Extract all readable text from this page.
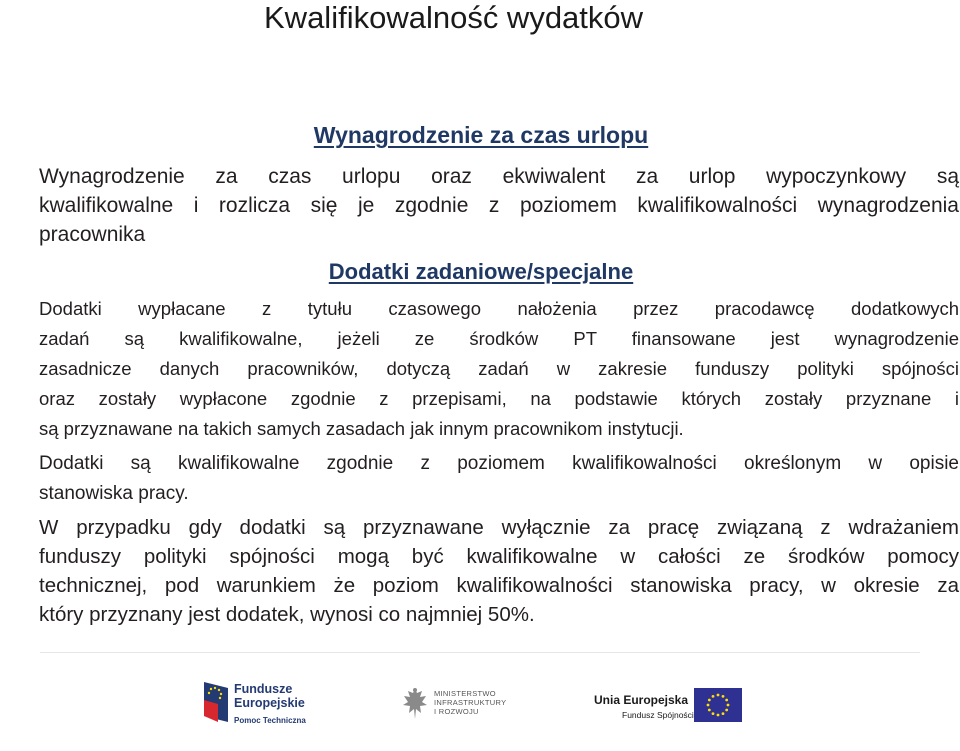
Kwalifikowalność wydatków
Wynagrodzenie za czas urlopu
Wynagrodzenie za czas urlopu oraz ekwiwalent za urlop wypoczynkowy są
kwalifikowalne i rozlicza się je zgodnie z poziomem kwalifikowalności wynagrodzenia
pracownika
Dodatki zadaniowe/specjalne
Dodatki wypłacane z tytułu czasowego nałożenia przez pracodawcę dodatkowych
zadań są kwalifikowalne, jeżeli ze środków PT finansowane jest wynagrodzenie
zasadnicze danych pracowników, dotyczą zadań w zakresie funduszy polityki spójności
oraz zostały wypłacone zgodnie z przepisami, na podstawie których zostały przyznane i
są przyznawane na takich samych zasadach jak innym pracownikom instytucji.
Dodatki są kwalifikowalne zgodnie z poziomem kwalifikowalności określonym w opisie
stanowiska pracy.
W przypadku gdy dodatki są przyznawane wyłącznie za pracę związaną z wdrażaniem
funduszy polityki spójności mogą być kwalifikowalne w całości ze środków pomocy
technicznej, pod warunkiem że poziom kwalifikowalności stanowiska pracy, w okresie za
który przyznany jest dodatek, wynosi co najmniej 50%.
Fundusze
Europejskie
Pomoc Techniczna
MINISTERSTWO
INFRASTRUKTURY
I ROZWOJU
Unia Europejska
Fundusz Spójności
